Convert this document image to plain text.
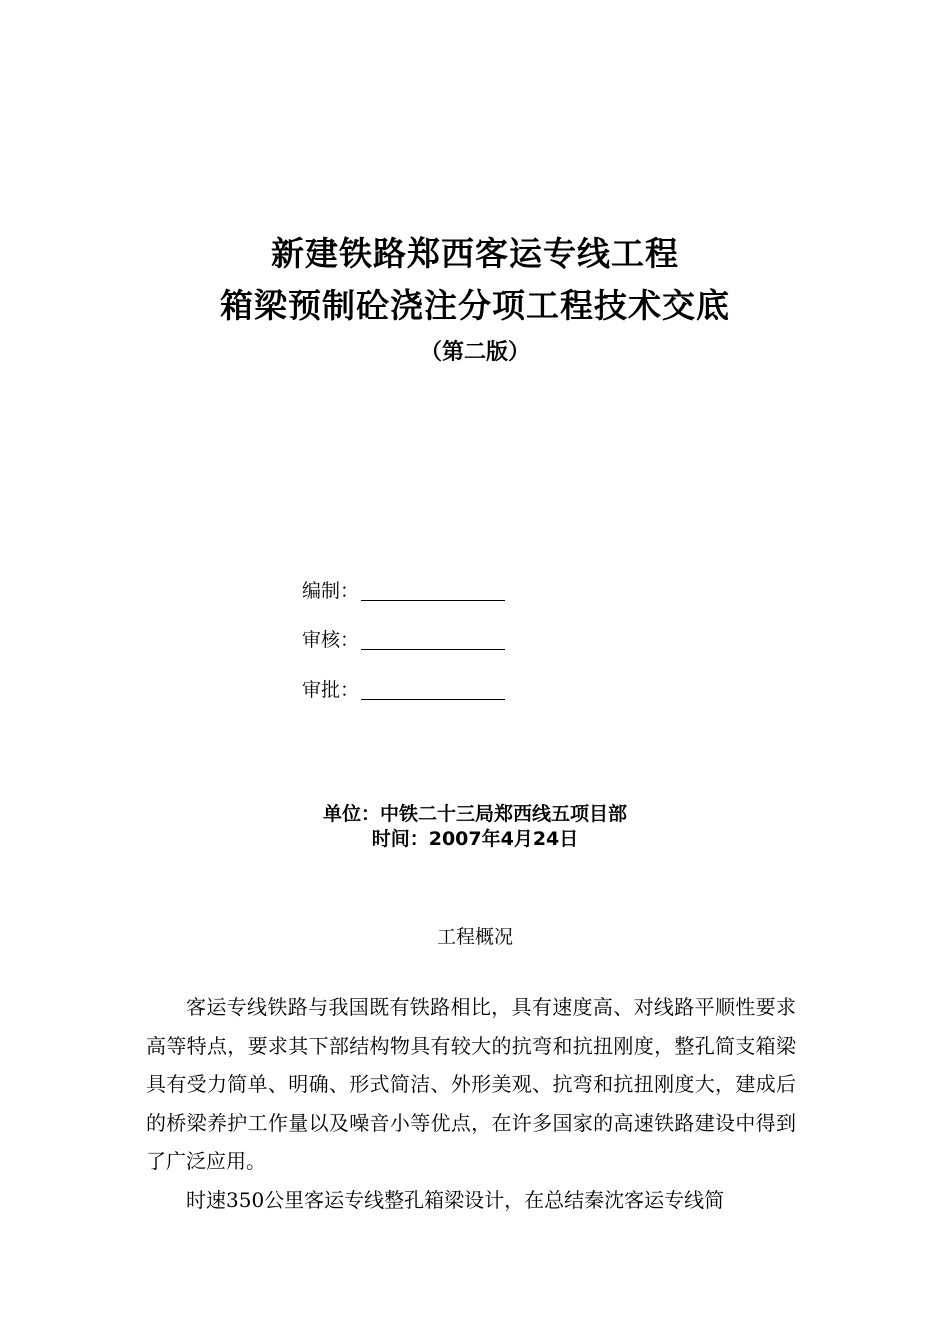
新建铁路郑西客运专线工程
箱梁预制砼浇注分项工程技术交底
（第二版）
编制：
审核：
审批：
单位：中铁二十三局郑西线五项目部
时间：2007年4月24日
工程概况

客运专线铁路与我国既有铁路相比，具有速度高、对线路平顺性要求高等特点，要求其下部结构物具有较大的抗弯和抗扭刚度，整孔简支箱梁具有受力简单、明确、形式简洁、外形美观、抗弯和抗扭刚度大，建成后的桥梁养护工作量以及噪音小等优点，在许多国家的高速铁路建设中得到了广泛应用。

时速350公里客运专线整孔箱梁设计，在总结秦沈客运专线简
